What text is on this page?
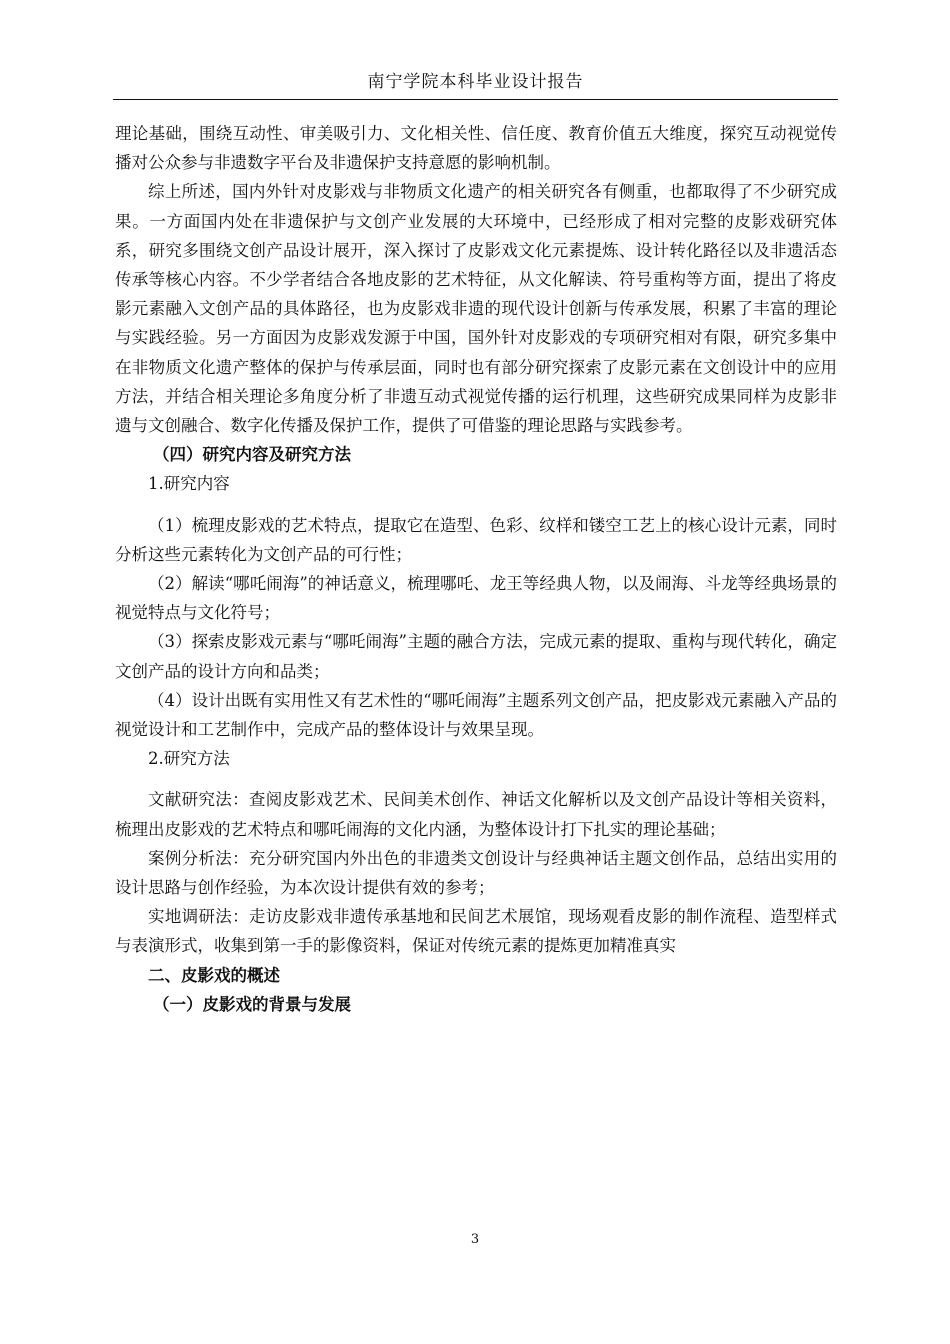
南宁学院本科毕业设计报告

理论基础，围绕互动性、审美吸引力、文化相关性、信任度、教育价值五大维度，探究互动视觉传播对公众参与非遗数字平台及非遗保护支持意愿的影响机制。

综上所述，国内外针对皮影戏与非物质文化遗产的相关研究各有侧重，也都取得了不少研究成果。一方面国内处在非遗保护与文创产业发展的大环境中，已经形成了相对完整的皮影戏研究体系，研究多围绕文创产品设计展开，深入探讨了皮影戏文化元素提炼、设计转化路径以及非遗活态传承等核心内容。不少学者结合各地皮影的艺术特征，从文化解读、符号重构等方面，提出了将皮影元素融入文创产品的具体路径，也为皮影戏非遗的现代设计创新与传承发展，积累了丰富的理论与实践经验。另一方面因为皮影戏发源于中国，国外针对皮影戏的专项研究相对有限，研究多集中在非物质文化遗产整体的保护与传承层面，同时也有部分研究探索了皮影元素在文创设计中的应用方法，并结合相关理论多角度分析了非遗互动式视觉传播的运行机理，这些研究成果同样为皮影非遗与文创融合、数字化传播及保护工作，提供了可借鉴的理论思路与实践参考。

（四）研究内容及研究方法

1.研究内容

（1）梳理皮影戏的艺术特点，提取它在造型、色彩、纹样和镂空工艺上的核心设计元素，同时分析这些元素转化为文创产品的可行性；

（2）解读“哪吒闹海”的神话意义，梳理哪吒、龙王等经典人物，以及闹海、斗龙等经典场景的视觉特点与文化符号；

（3）探索皮影戏元素与“哪吒闹海”主题的融合方法，完成元素的提取、重构与现代转化，确定文创产品的设计方向和品类；

（4）设计出既有实用性又有艺术性的“哪吒闹海”主题系列文创产品，把皮影戏元素融入产品的视觉设计和工艺制作中，完成产品的整体设计与效果呈现。

2.研究方法

文献研究法：查阅皮影戏艺术、民间美术创作、神话文化解析以及文创产品设计等相关资料，梳理出皮影戏的艺术特点和哪吒闹海的文化内涵，为整体设计打下扎实的理论基础；

案例分析法：充分研究国内外出色的非遗类文创设计与经典神话主题文创作品，总结出实用的设计思路与创作经验，为本次设计提供有效的参考；

实地调研法：走访皮影戏非遗传承基地和民间艺术展馆，现场观看皮影的制作流程、造型样式与表演形式，收集到第一手的影像资料，保证对传统元素的提炼更加精准真实

二、皮影戏的概述

（一）皮影戏的背景与发展

3
